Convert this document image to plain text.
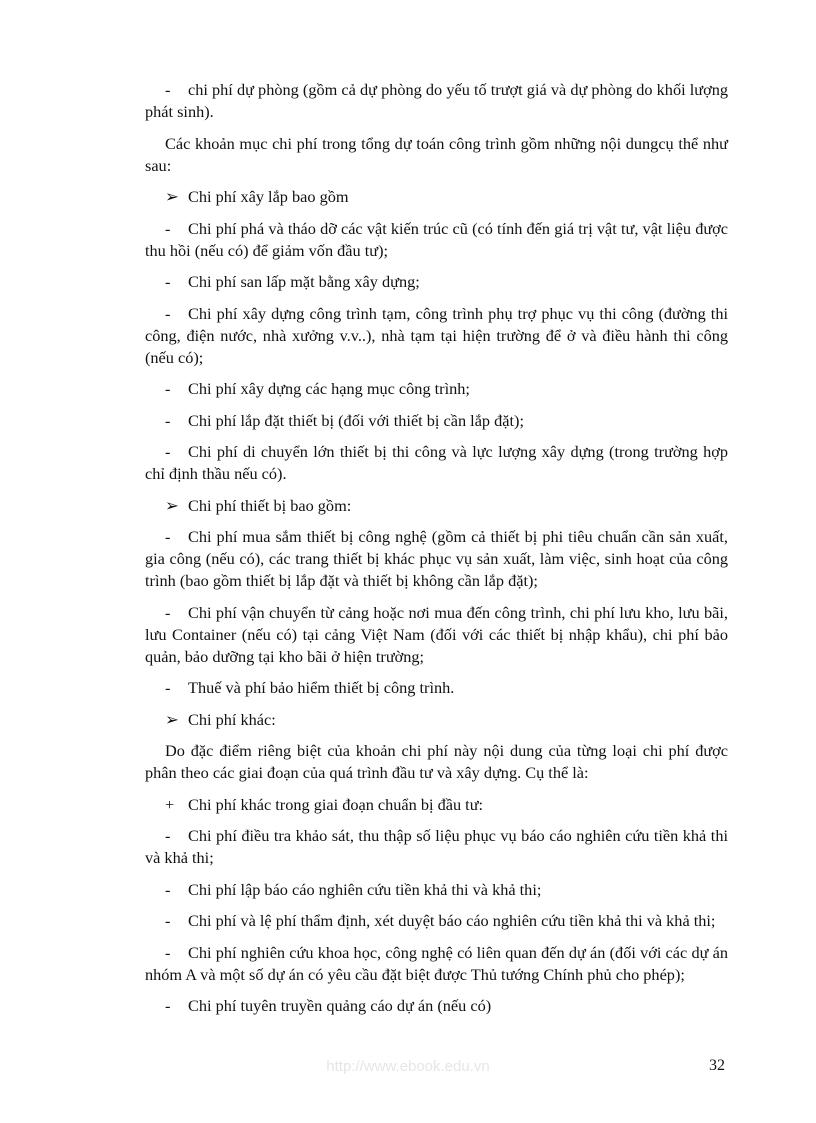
- chi phí dự phòng (gồm cả dự phòng do yếu tố trượt giá và dự phòng do khối lượng phát sinh).

Các khoản mục chi phí trong tổng dự toán công trình gồm những nội dungcụ thể như sau:

➢ Chi phí xây lắp bao gồm

- Chi phí phá và tháo dỡ các vật kiến trúc cũ (có tính đến giá trị vật tư, vật liệu được thu hồi (nếu có) để giảm vốn đầu tư);

- Chi phí san lấp mặt bằng xây dựng;

- Chi phí xây dựng công trình tạm, công trình phụ trợ phục vụ thi công (đường thi công, điện nước, nhà xưởng v.v..), nhà tạm tại hiện trường để ở và điều hành thi công (nếu có);

- Chi phí xây dựng các hạng mục công trình;

- Chi phí lắp đặt thiết bị (đối với thiết bị cần lắp đặt);

- Chi phí di chuyển lớn thiết bị thi công và lực lượng xây dựng (trong trường hợp chỉ định thầu nếu có).

➢ Chi phí thiết bị bao gồm:

- Chi phí mua sắm thiết bị công nghệ (gồm cả thiết bị phi tiêu chuẩn cần sản xuất, gia công (nếu có), các trang thiết bị khác phục vụ sản xuất, làm việc, sinh hoạt của công trình (bao gồm thiết bị lắp đặt và thiết bị không cần lắp đặt);

- Chi phí vận chuyển từ cảng hoặc nơi mua đến công trình, chi phí lưu kho, lưu bãi, lưu Container (nếu có) tại cảng Việt Nam (đối với các thiết bị nhập khẩu), chi phí bảo quản, bảo dưỡng tại kho bãi ở hiện trường;

- Thuế và phí bảo hiểm thiết bị công trình.

➢ Chi phí khác:

Do đặc điểm riêng biệt của khoản chi phí này nội dung của từng loại chi phí được phân theo các giai đoạn của quá trình đầu tư và xây dựng. Cụ thể là:

+ Chi phí khác trong giai đoạn chuẩn bị đầu tư:

- Chi phí điều tra khảo sát, thu thập số liệu phục vụ báo cáo nghiên cứu tiền khả thi và khả thi;

- Chi phí lập báo cáo nghiên cứu tiền khả thi và khả thi;

- Chi phí và lệ phí thẩm định, xét duyệt báo cáo nghiên cứu tiền khả thi và khả thi;

- Chi phí nghiên cứu khoa học, công nghệ có liên quan đến dự án (đối với các dự án nhóm A và một số dự án có yêu cầu đặt biệt được Thủ tướng Chính phủ cho phép);

- Chi phí tuyên truyền quảng cáo dự án (nếu có)

http://www.ebook.edu.vn	32
